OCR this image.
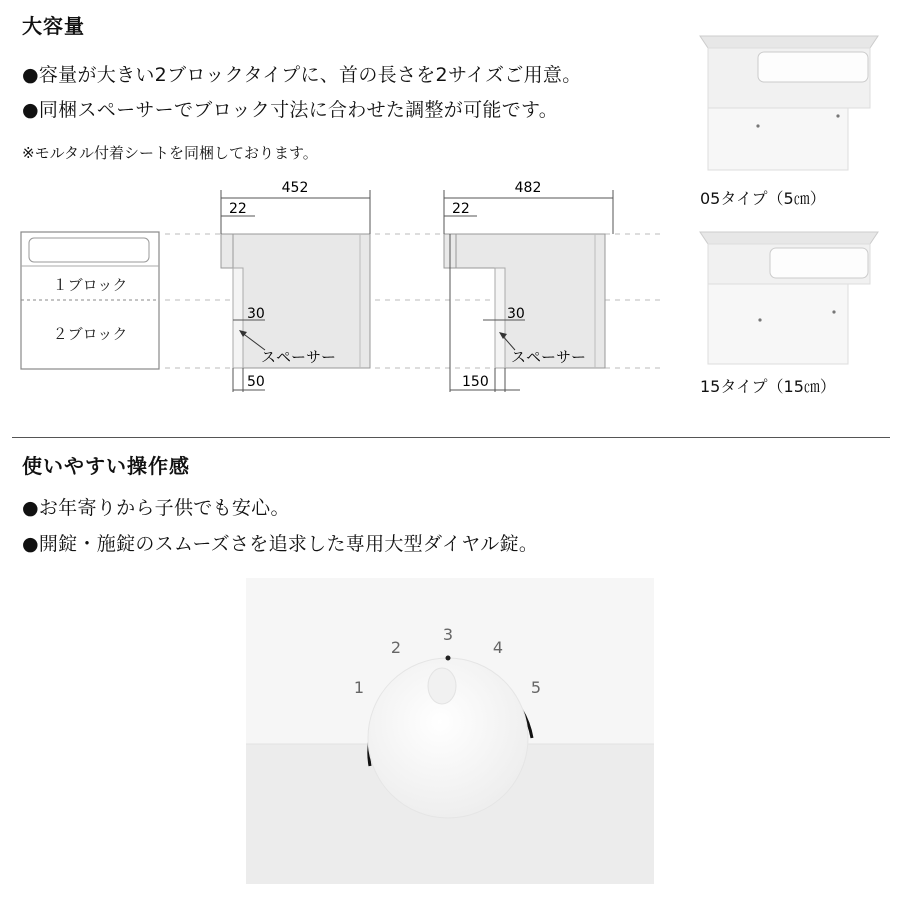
大容量
●容量が大きい2ブロックタイプに、首の長さを2サイズご用意。
●同梱スペーサーでブロック寸法に合わせた調整が可能です。
※モルタル付着シートを同梱しております。
１ブロック
２ブロック
452
22
30
スペーサー
50
482
22
30
スペーサー
150
05タイプ（5㎝）
15タイプ（15㎝）
使いやすい操作感
●お年寄りから子供でも安心。
●開錠・施錠のスムーズさを追求した専用大型ダイヤル錠。
1
2
3
4
5
